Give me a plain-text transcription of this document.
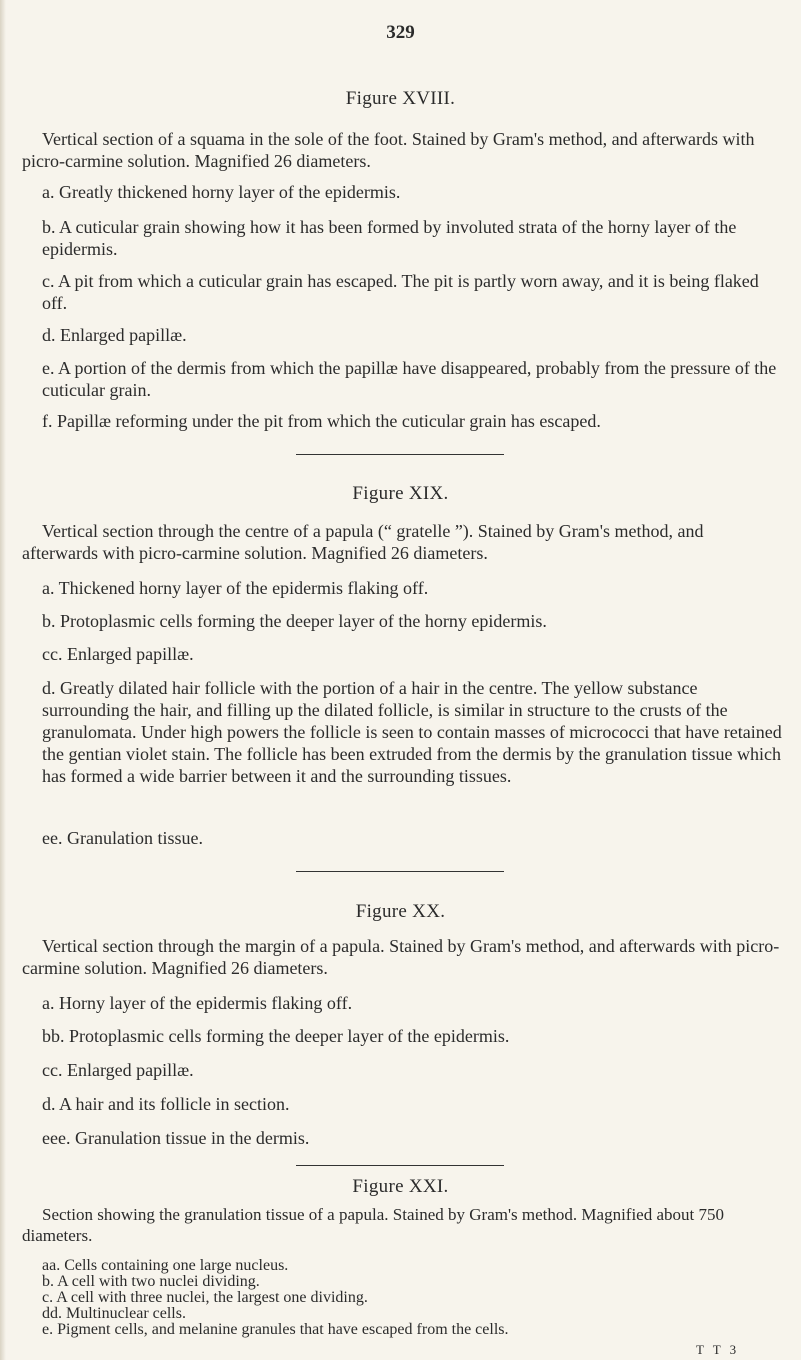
329
Figure XVIII.
Vertical section of a squama in the sole of the foot. Stained by Gram's method, and afterwards with picro-carmine solution. Magnified 26 diameters.
a. Greatly thickened horny layer of the epidermis.
b. A cuticular grain showing how it has been formed by involuted strata of the horny layer of the epidermis.
c. A pit from which a cuticular grain has escaped. The pit is partly worn away, and it is being flaked off.
d. Enlarged papillæ.
e. A portion of the dermis from which the papillæ have disappeared, probably from the pressure of the cuticular grain.
f. Papillæ reforming under the pit from which the cuticular grain has escaped.
Figure XIX.
Vertical section through the centre of a papula (“ gratelle ”). Stained by Gram's method, and afterwards with picro-carmine solution. Magnified 26 diameters.
a. Thickened horny layer of the epidermis flaking off.
b. Protoplasmic cells forming the deeper layer of the horny epidermis.
cc. Enlarged papillæ.
d. Greatly dilated hair follicle with the portion of a hair in the centre. The yellow substance surrounding the hair, and filling up the dilated follicle, is similar in structure to the crusts of the granulomata. Under high powers the follicle is seen to contain masses of micrococci that have retained the gentian violet stain. The follicle has been extruded from the dermis by the granulation tissue which has formed a wide barrier between it and the surrounding tissues.
ee. Granulation tissue.
Figure XX.
Vertical section through the margin of a papula. Stained by Gram's method, and afterwards with picro-carmine solution. Magnified 26 diameters.
a. Horny layer of the epidermis flaking off.
bb. Protoplasmic cells forming the deeper layer of the epidermis.
cc. Enlarged papillæ.
d. A hair and its follicle in section.
eee. Granulation tissue in the dermis.
Figure XXI.
Section showing the granulation tissue of a papula. Stained by Gram's method. Magnified about 750 diameters.
aa. Cells containing one large nucleus.
b. A cell with two nuclei dividing.
c. A cell with three nuclei, the largest one dividing.
dd. Multinuclear cells.
e. Pigment cells, and melanine granules that have escaped from the cells.
T T 3
